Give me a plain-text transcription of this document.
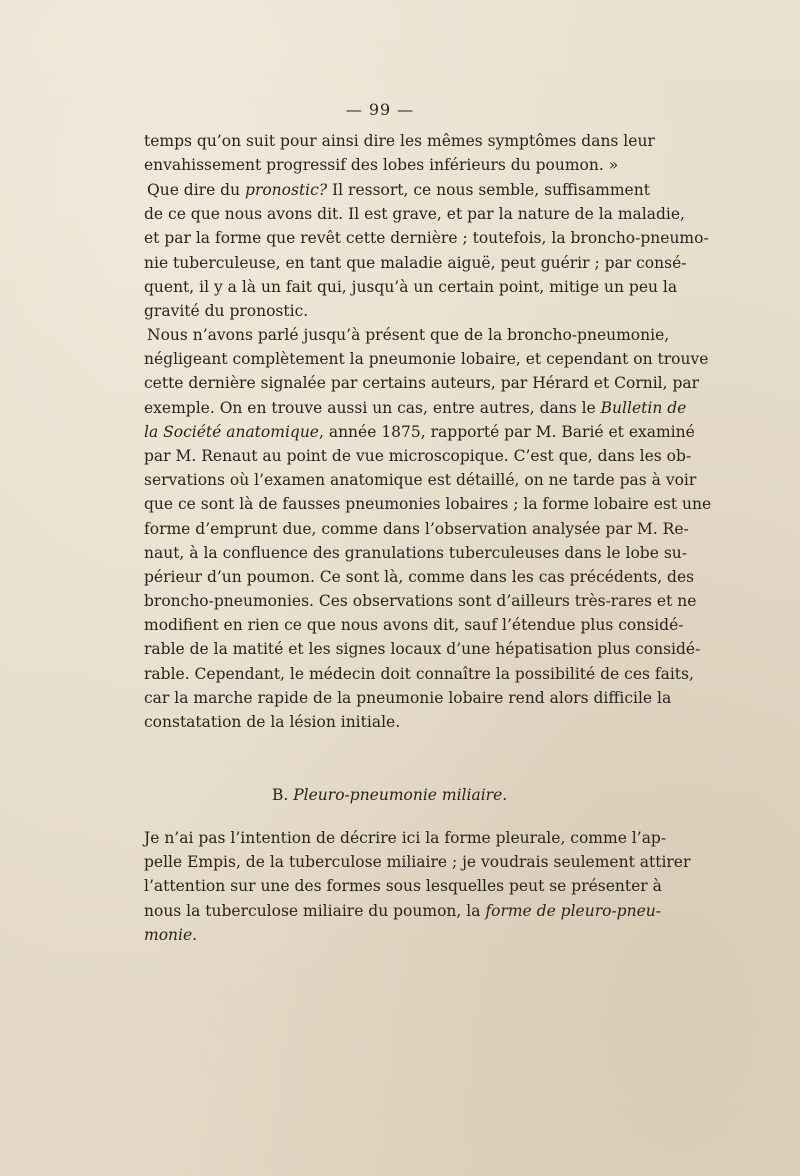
— 99 —
temps qu’on suit pour ainsi dire les mêmes symptômes dans leur
envahissement progressif des lobes inférieurs du poumon. »
Que dire du pronostic? Il ressort, ce nous semble, suffisamment
de ce que nous avons dit. Il est grave, et par la nature de la maladie,
et par la forme que revêt cette dernière ; toutefois, la broncho-pneumo-
nie tuberculeuse, en tant que maladie aiguë, peut guérir ; par consé-
quent, il y a là un fait qui, jusqu’à un certain point, mitige un peu la
gravité du pronostic.
Nous n’avons parlé jusqu’à présent que de la broncho-pneumonie,
négligeant complètement la pneumonie lobaire, et cependant on trouve
cette dernière signalée par certains auteurs, par Hérard et Cornil, par
exemple. On en trouve aussi un cas, entre autres, dans le Bulletin de
la Société anatomique, année 1875, rapporté par M. Barié et examiné
par M. Renaut au point de vue microscopique. C’est que, dans les ob-
servations où l’examen anatomique est détaillé, on ne tarde pas à voir
que ce sont là de fausses pneumonies lobaires ; la forme lobaire est une
forme d’emprunt due, comme dans l’observation analysée par M. Re-
naut, à la confluence des granulations tuberculeuses dans le lobe su-
périeur d’un poumon. Ce sont là, comme dans les cas précédents, des
broncho-pneumonies. Ces observations sont d’ailleurs très-rares et ne
modifient en rien ce que nous avons dit, sauf l’étendue plus considé-
rable de la matité et les signes locaux d’une hépatisation plus considé-
rable. Cependant, le médecin doit connaître la possibilité de ces faits,
car la marche rapide de la pneumonie lobaire rend alors difficile la
constatation de la lésion initiale.
B. Pleuro-pneumonie miliaire.
Je n’ai pas l’intention de décrire ici la forme pleurale, comme l’ap-
pelle Empis, de la tuberculose miliaire ; je voudrais seulement attirer
l’attention sur une des formes sous lesquelles peut se présenter à
nous la tuberculose miliaire du poumon, la forme de pleuro-pneu-
monie.
